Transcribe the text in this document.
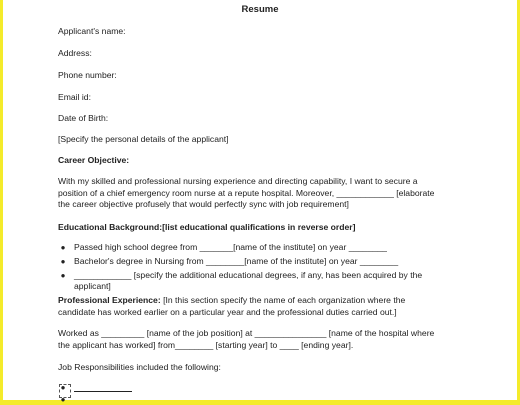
Resume
Applicant's name:
Address:
Phone number:
Email id:
Date of Birth:
[Specify the personal details of the applicant]
Career Objective:
With my skilled and professional nursing experience and directing capability, I want to secure a
position of a chief emergency room nurse at a repute hospital. Moreover, ____________ [elaborate
the career objective profusely that would perfectly sync with job requirement]
Educational Background:[list educational qualifications in reverse order]
● Passed high school degree from _______[name of the institute] on year ________
● Bachelor's degree in Nursing from ________[name of the institute] on year ________
● ____________ [specify the additional educational degrees, if any, has been acquired by the
applicant]
Professional Experience: [In this section specify the name of each organization where the
candidate has worked earlier on a particular year and the professional duties carried out.]
Worked as _________ [name of the job position] at _______________ [name of the hospital where
the applicant has worked] from________ [starting year] to ____ [ending year].
Job Responsibilities included the following:
●
●
